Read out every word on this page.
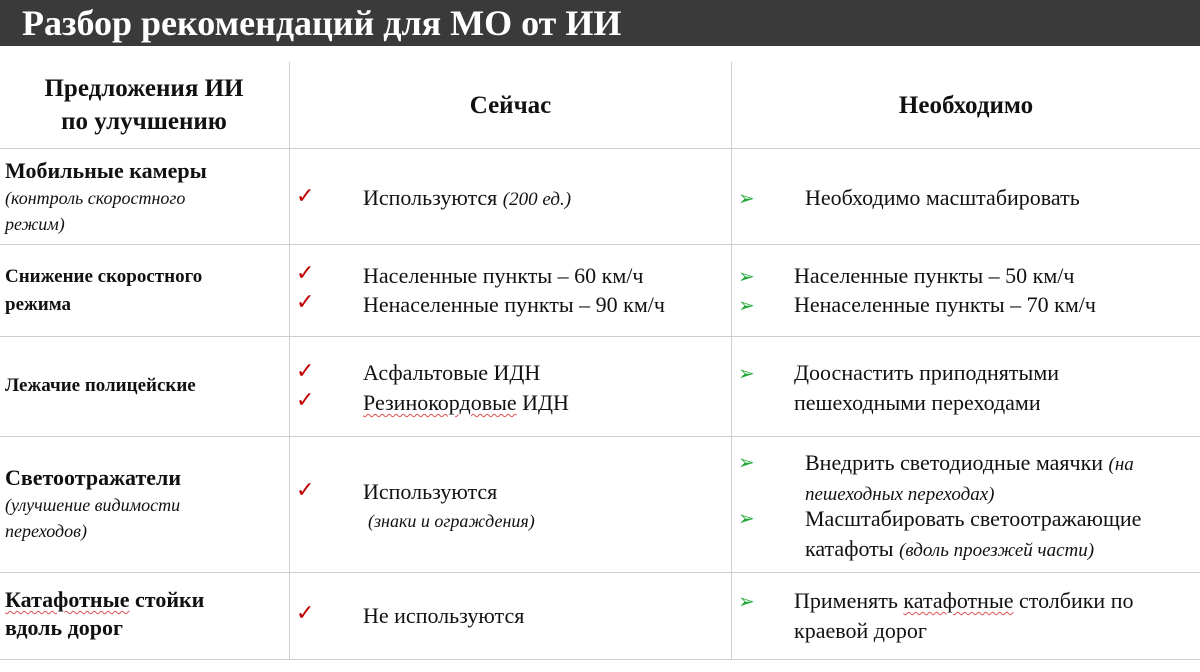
Разбор рекомендаций для МО от ИИ
Предложения ИИ
по улучшению
Сейчас	Необходимо
Мобильные камеры
(контроль скоростного
режим)
✓ Используются (200 ед.)	➢ Необходимо масштабировать
Снижение скоростного
режима
✓ Населенные пункты – 60 км/ч
✓ Ненаселенные пункты – 90 км/ч
➢ Населенные пункты – 50 км/ч
➢ Ненаселенные пункты – 70 км/ч
Лежачие полицейские
✓ Асфальтовые ИДН
✓ Резинокордовые ИДН
➢ Дооснастить приподнятыми
пешеходными переходами
Светоотражатели
(улучшение видимости
переходов)
✓ Используются
(знаки и ограждения)
➢ Внедрить светодиодные маячки (на
пешеходных переходах)
➢ Масштабировать светоотражающие
катафоты (вдоль проезжей части)
Катафотные стойки
вдоль дорог
✓ Не используются
➢ Применять катафотные столбики по
краевой дорог
